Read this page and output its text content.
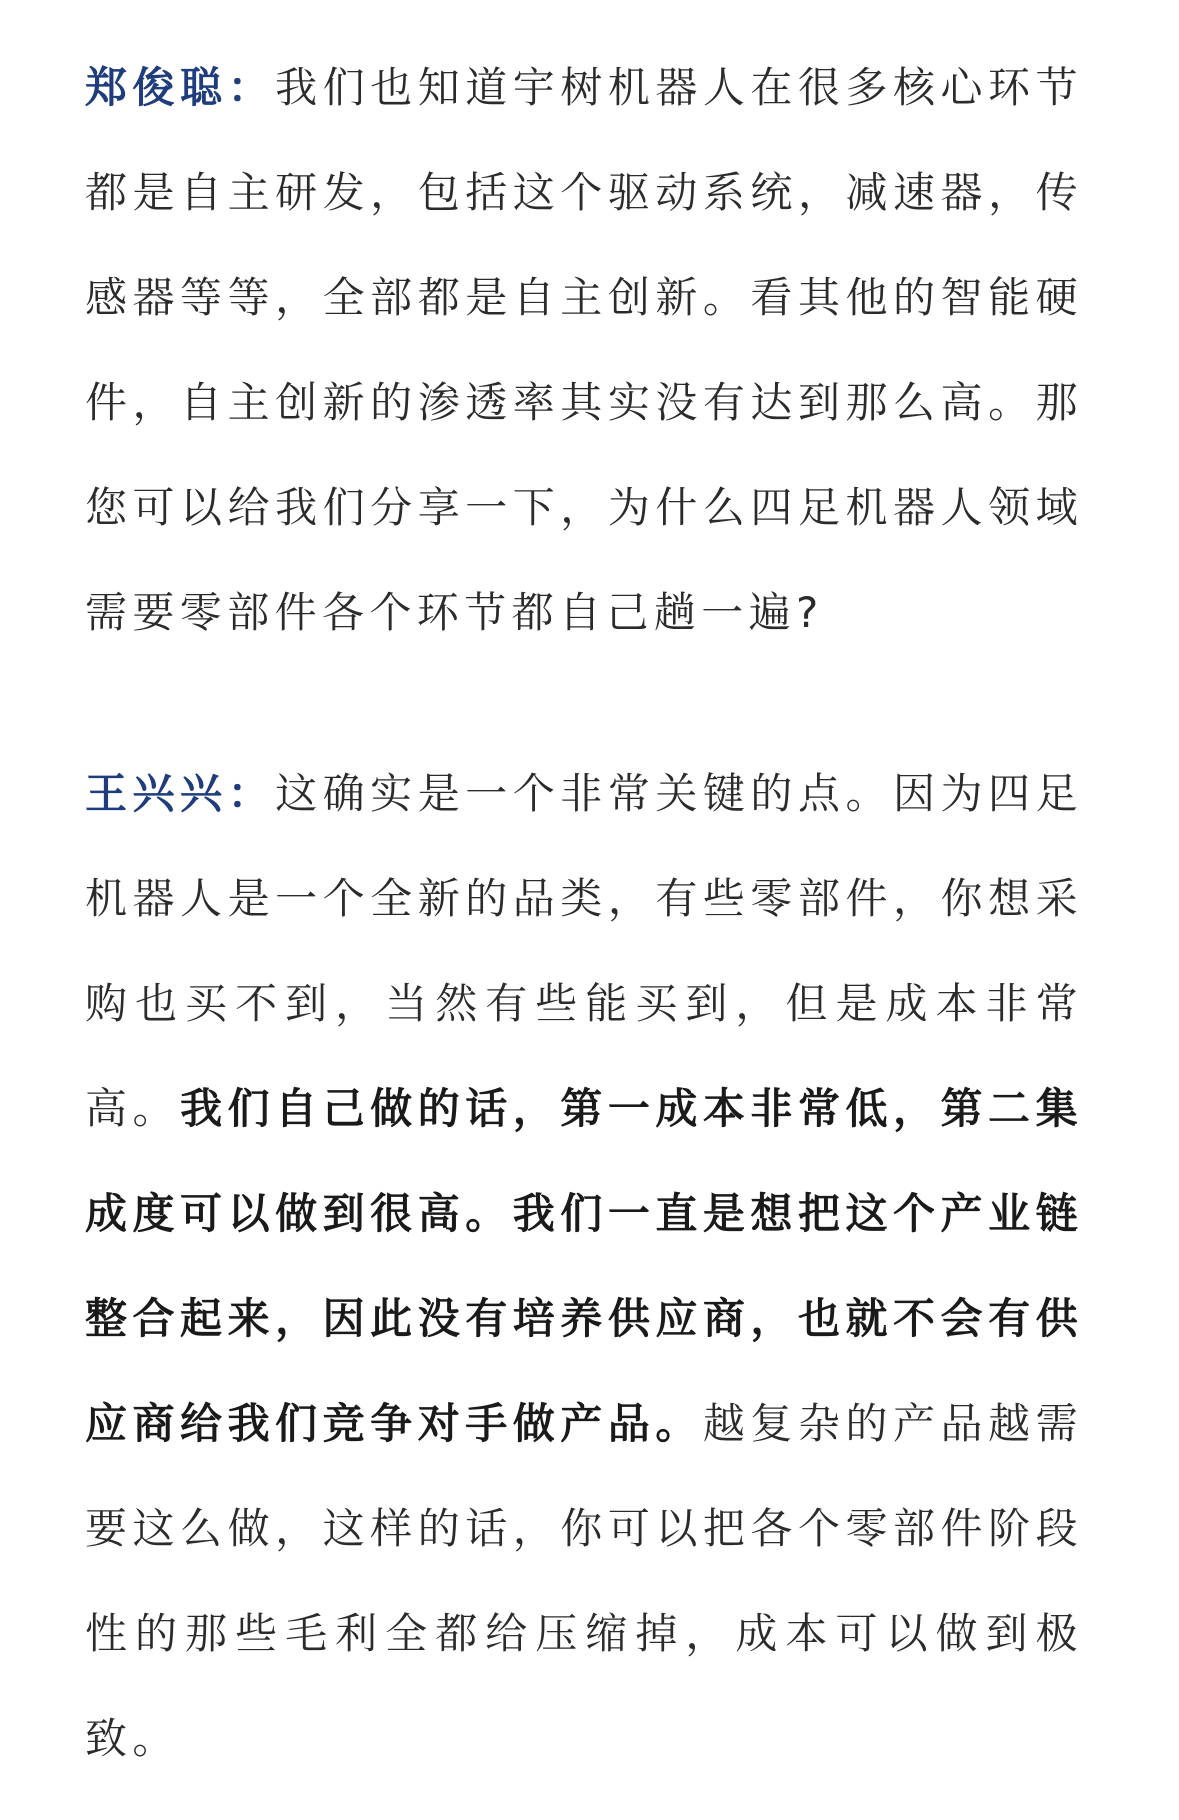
郑俊聪：我们也知道宇树机器人在很多核心环节都是自主研发，包括这个驱动系统，减速器，传感器等等，全部都是自主创新。看其他的智能硬件，自主创新的渗透率其实没有达到那么高。那您可以给我们分享一下，为什么四足机器人领域需要零部件各个环节都自己趟一遍?

王兴兴：这确实是一个非常关键的点。因为四足机器人是一个全新的品类，有些零部件，你想采购也买不到，当然有些能买到，但是成本非常高。我们自己做的话，第一成本非常低，第二集成度可以做到很高。我们一直是想把这个产业链整合起来，因此没有培养供应商，也就不会有供应商给我们竞争对手做产品。越复杂的产品越需要这么做，这样的话，你可以把各个零部件阶段性的那些毛利全都给压缩掉，成本可以做到极致。
